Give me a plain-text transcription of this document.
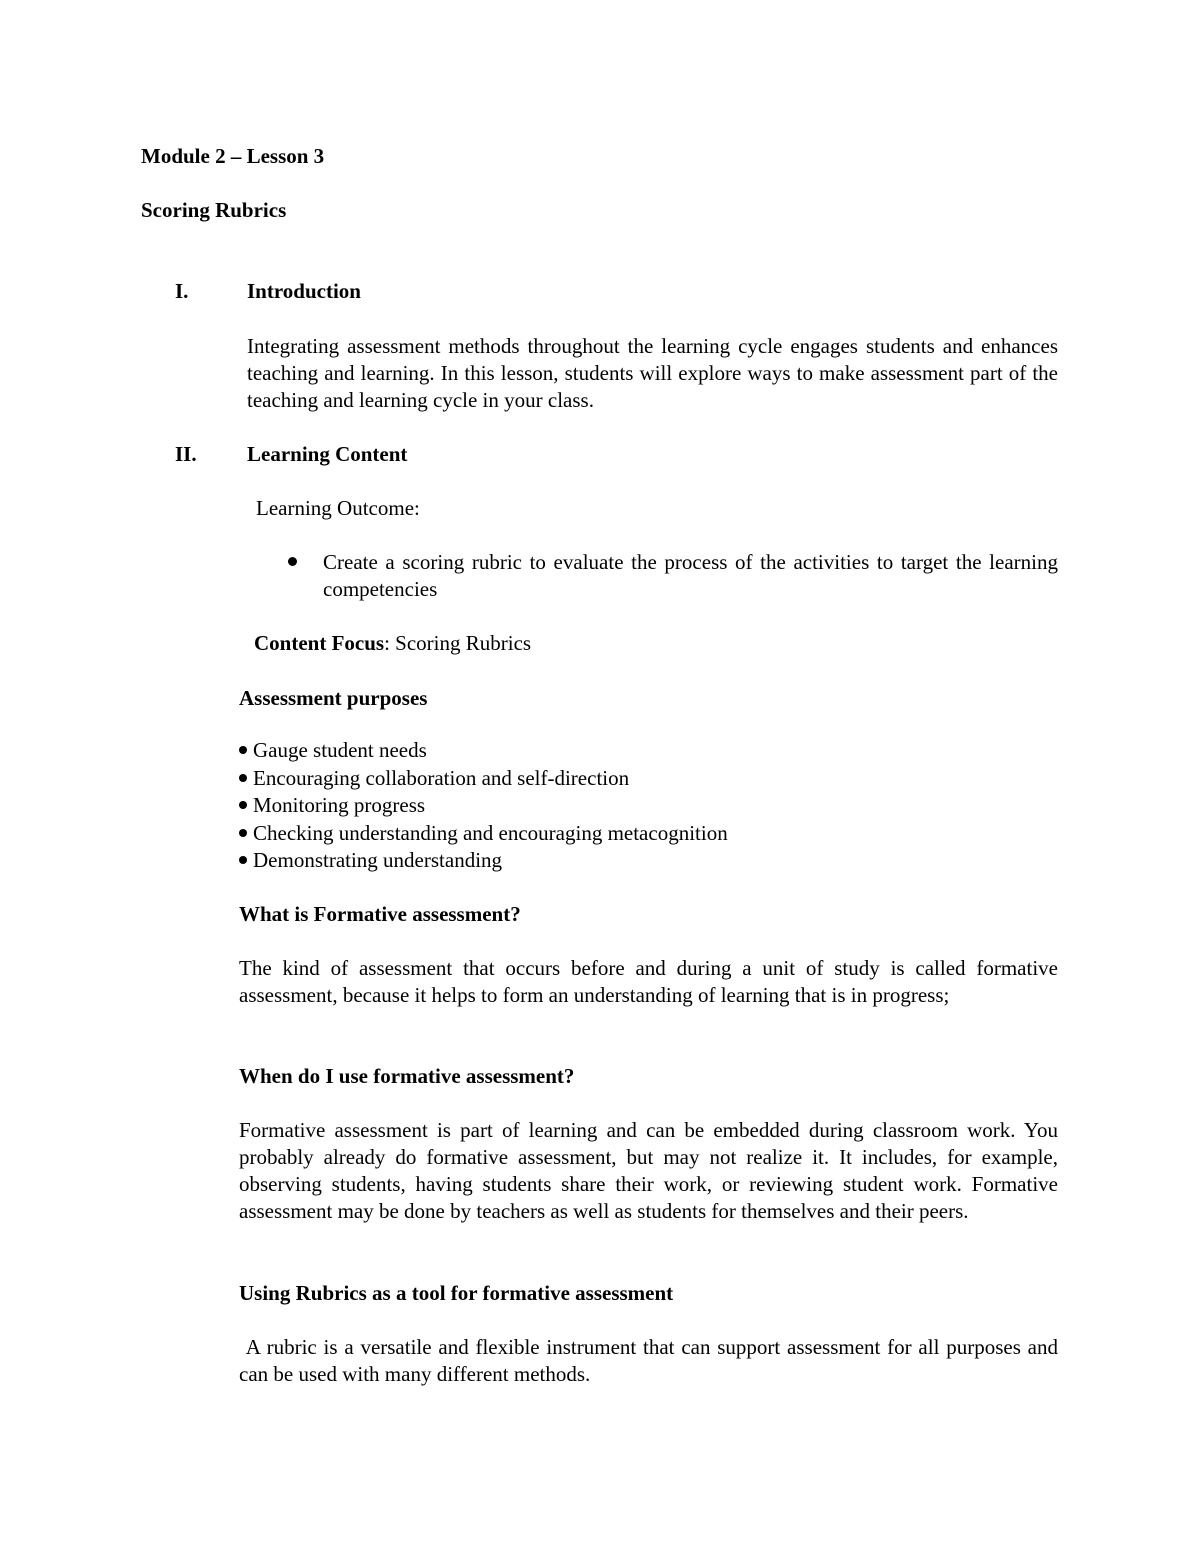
Module 2 – Lesson 3
Scoring Rubrics
I.	Introduction
Integrating assessment methods throughout the learning cycle engages students and enhances teaching and learning. In this lesson, students will explore ways to make assessment part of the teaching and learning cycle in your class.
II. Learning Content
Learning Outcome:
Create a scoring rubric to evaluate the process of the activities to target the learning competencies
Content Focus: Scoring Rubrics
Assessment purposes
Gauge student needs
Encouraging collaboration and self-direction
Monitoring progress
Checking understanding and encouraging metacognition
Demonstrating understanding
What is Formative assessment?
The kind of assessment that occurs before and during a unit of study is called formative assessment, because it helps to form an understanding of learning that is in progress;
When do I use formative assessment?
Formative assessment is part of learning and can be embedded during classroom work. You probably already do formative assessment, but may not realize it. It includes, for example, observing students, having students share their work, or reviewing student work. Formative assessment may be done by teachers as well as students for themselves and their peers.
Using Rubrics as a tool for formative assessment
A rubric is a versatile and flexible instrument that can support assessment for all purposes and can be used with many different methods.
